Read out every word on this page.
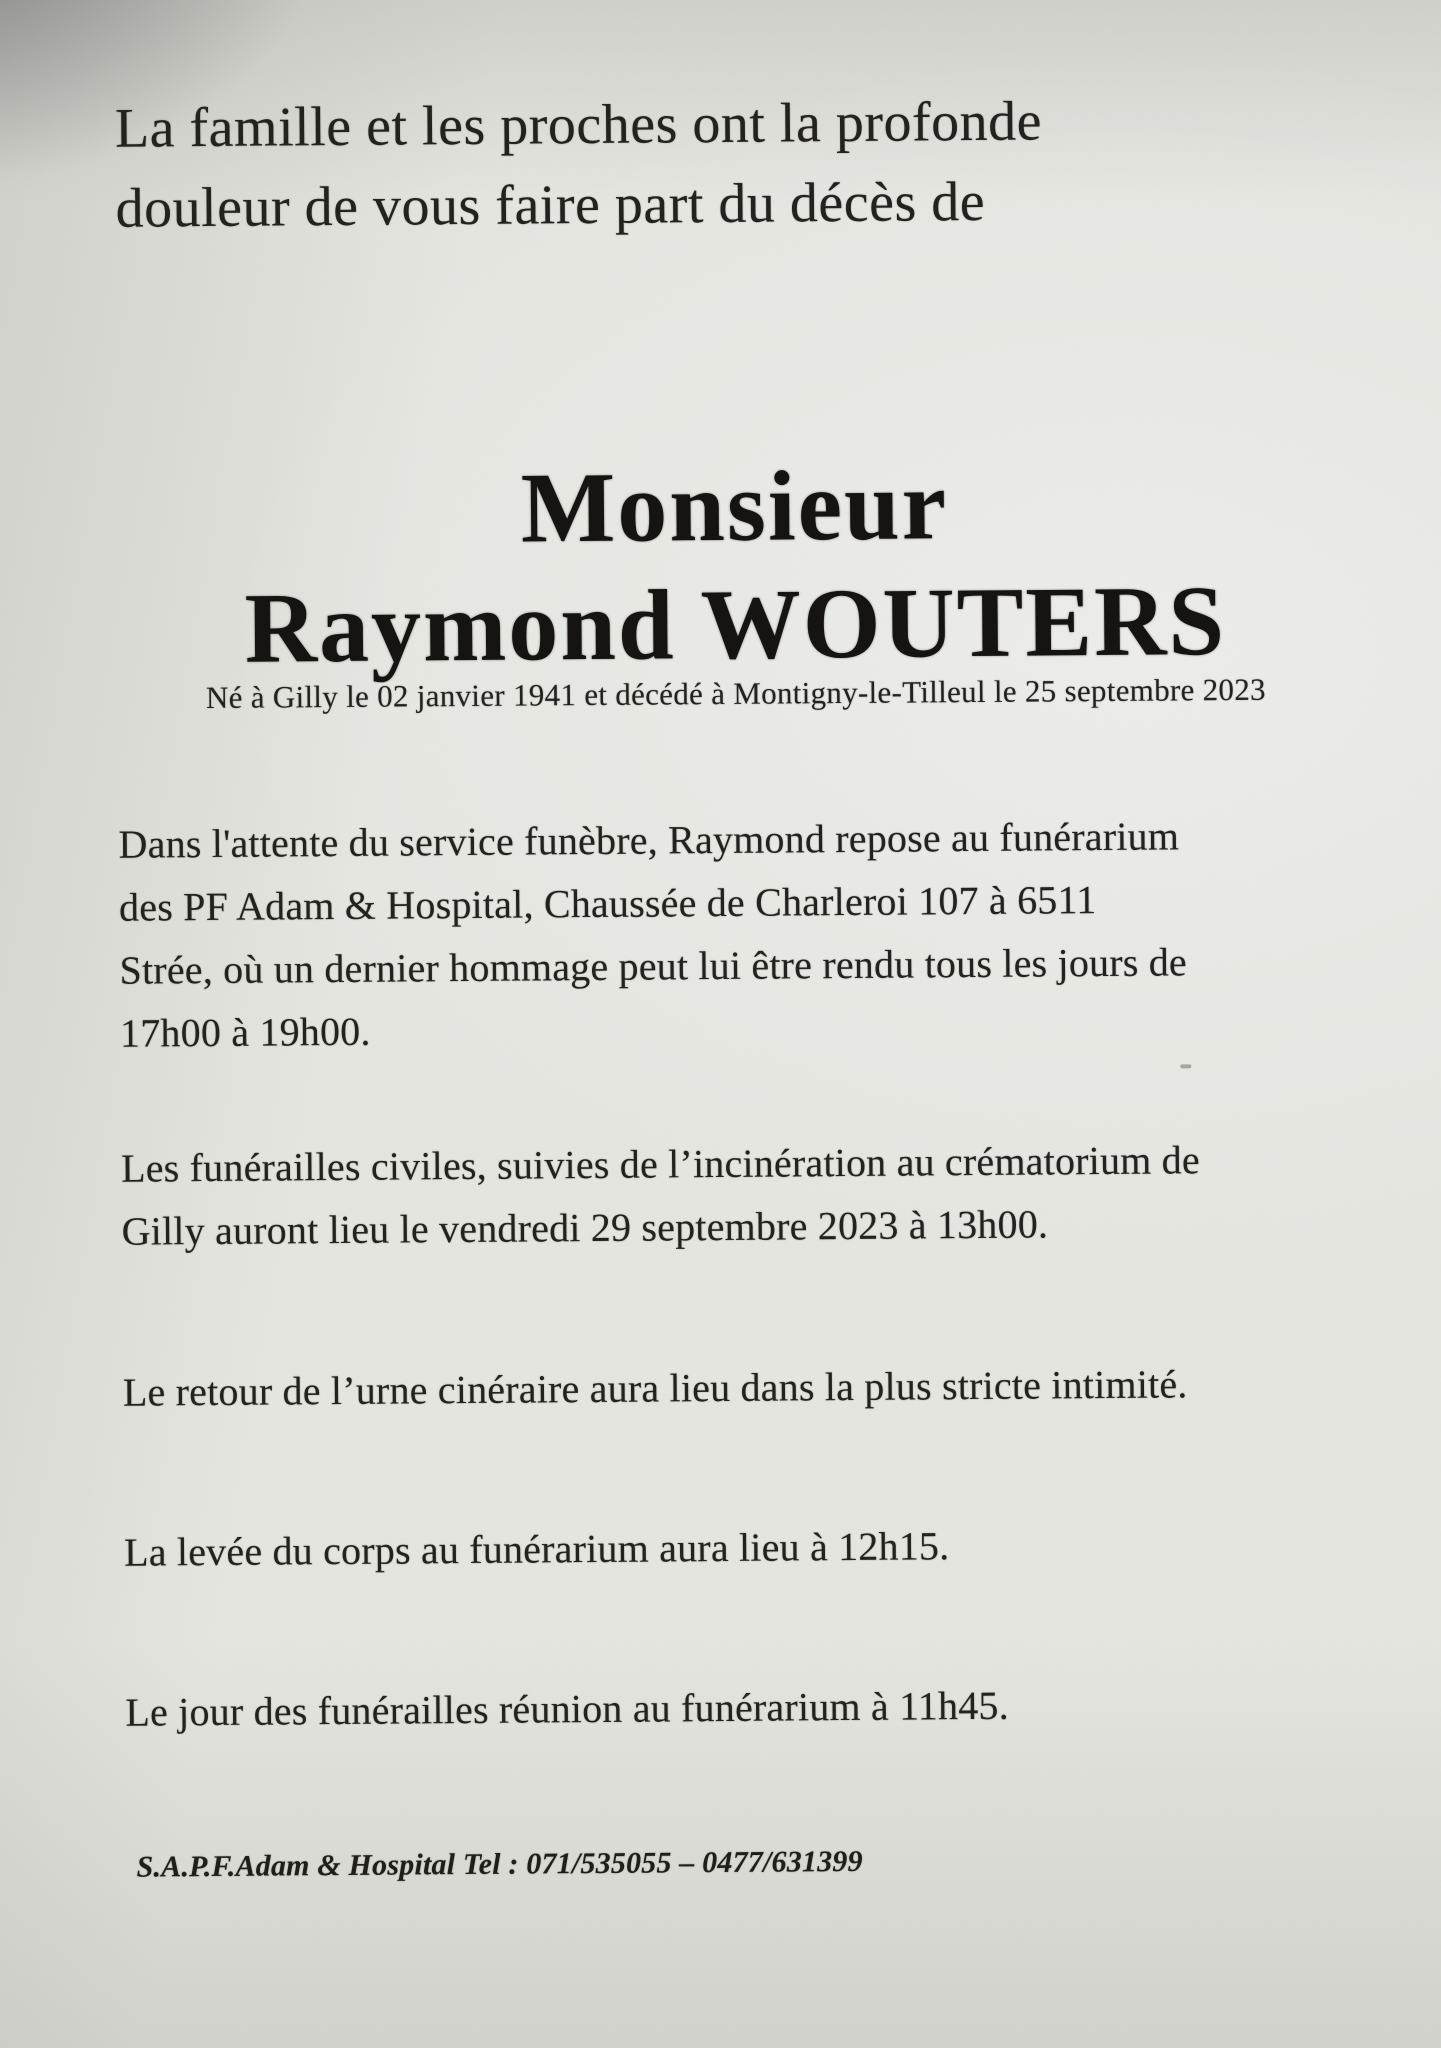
La famille et les proches ont la profonde
douleur de vous faire part du décès de
Monsieur
Raymond WOUTERS
Né à Gilly le 02 janvier 1941 et décédé à Montigny-le-Tilleul le 25 septembre 2023
Dans l'attente du service funèbre, Raymond repose au funérarium
des PF Adam & Hospital, Chaussée de Charleroi 107 à 6511
Strée, où un dernier hommage peut lui être rendu tous les jours de
17h00 à 19h00.
Les funérailles civiles, suivies de l’incinération au crématorium de
Gilly auront lieu le vendredi 29 septembre 2023 à 13h00.
Le retour de l’urne cinéraire aura lieu dans la plus stricte intimité.
La levée du corps au funérarium aura lieu à 12h15.
Le jour des funérailles réunion au funérarium à 11h45.
S.A.P.F.Adam & Hospital Tel : 071/535055 – 0477/631399
